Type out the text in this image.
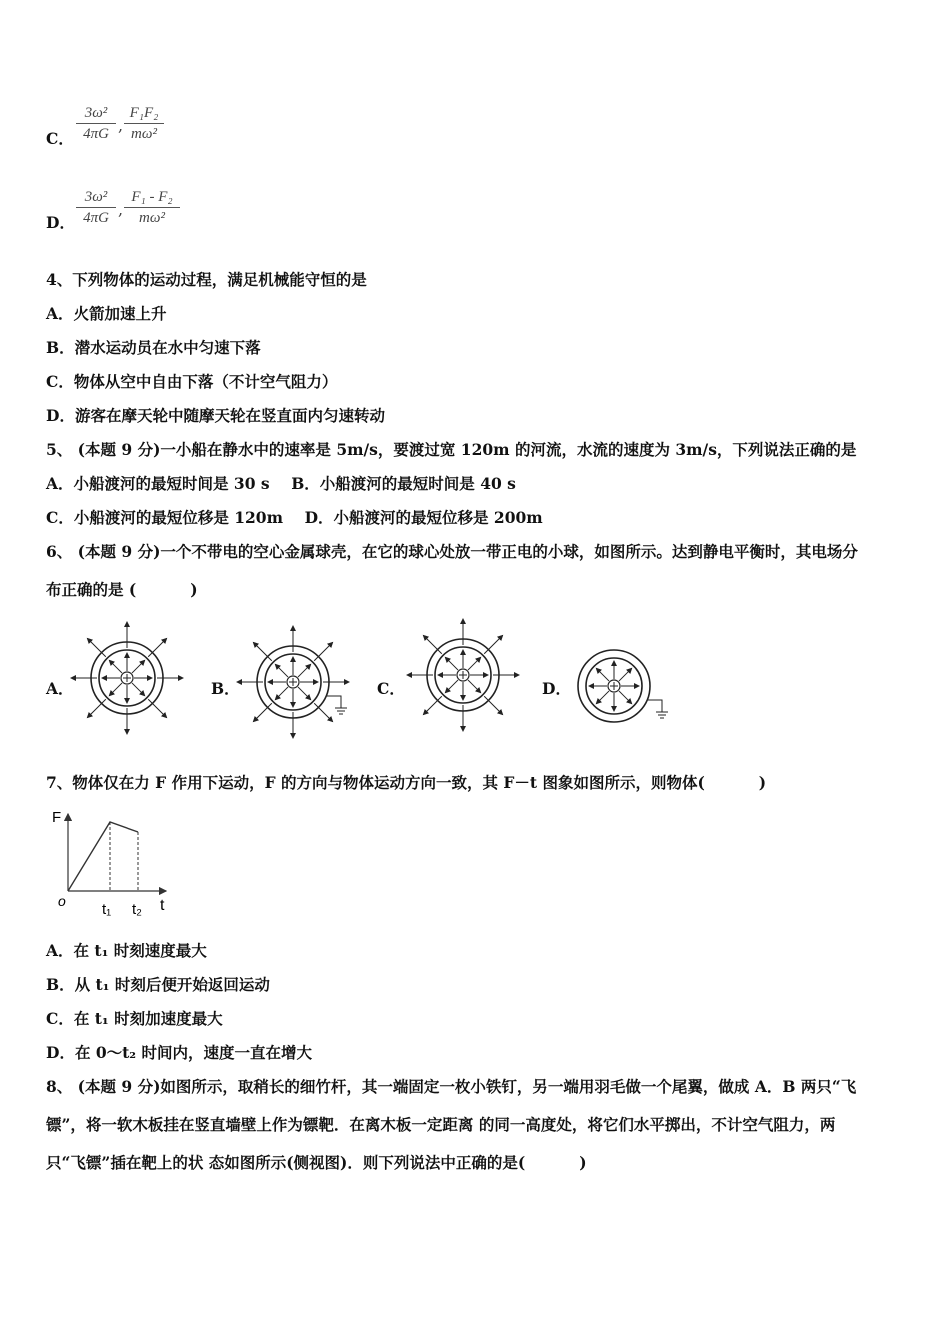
C．
3ω²
4πG ,
F₁F₂
mω²
D．
3ω²
4πG ,
F₁ - F₂
mω²
4、下列物体的运动过程，满足机械能守恒的是
A．火箭加速上升
B．潜水运动员在水中匀速下落
C．物体从空中自由下落（不计空气阻力）
D．游客在摩天轮中随摩天轮在竖直面内匀速转动
5、 (本题 9 分)一小船在静水中的速率是 5m/s，要渡过宽 120m 的河流，水流的速度为 3m/s，下列说法正确的是
A．小船渡河的最短时间是 30 s    B．小船渡河的最短时间是 40 s
C．小船渡河的最短位移是 120m    D．小船渡河的最短位移是 200m
6、 (本题 9 分)一个不带电的空心金属球壳，在它的球心处放一带正电的小球，如图所示。达到静电平衡时，其电场分
布正确的是 (          )
A．	B．	C．	D．
7、物体仅在力 F 作用下运动，F 的方向与物体运动方向一致，其 F－t 图象如图所示，则物体(          )
F
t
o t₁ t₂
A．在 t₁ 时刻速度最大
B．从 t₁ 时刻后便开始返回运动
C．在 t₁ 时刻加速度最大
D．在 0～t₂ 时间内，速度一直在增大
8、 (本题 9 分)如图所示，取稍长的细竹杆，其一端固定一枚小铁钉，另一端用羽毛做一个尾翼，做成 A．B 两只“飞
镖”，将一软木板挂在竖直墙壁上作为镖靶．在离木板一定距离 的同一高度处，将它们水平掷出，不计空气阻力，两
只“飞镖”插在靶上的状 态如图所示(侧视图)．则下列说法中正确的是(          )
